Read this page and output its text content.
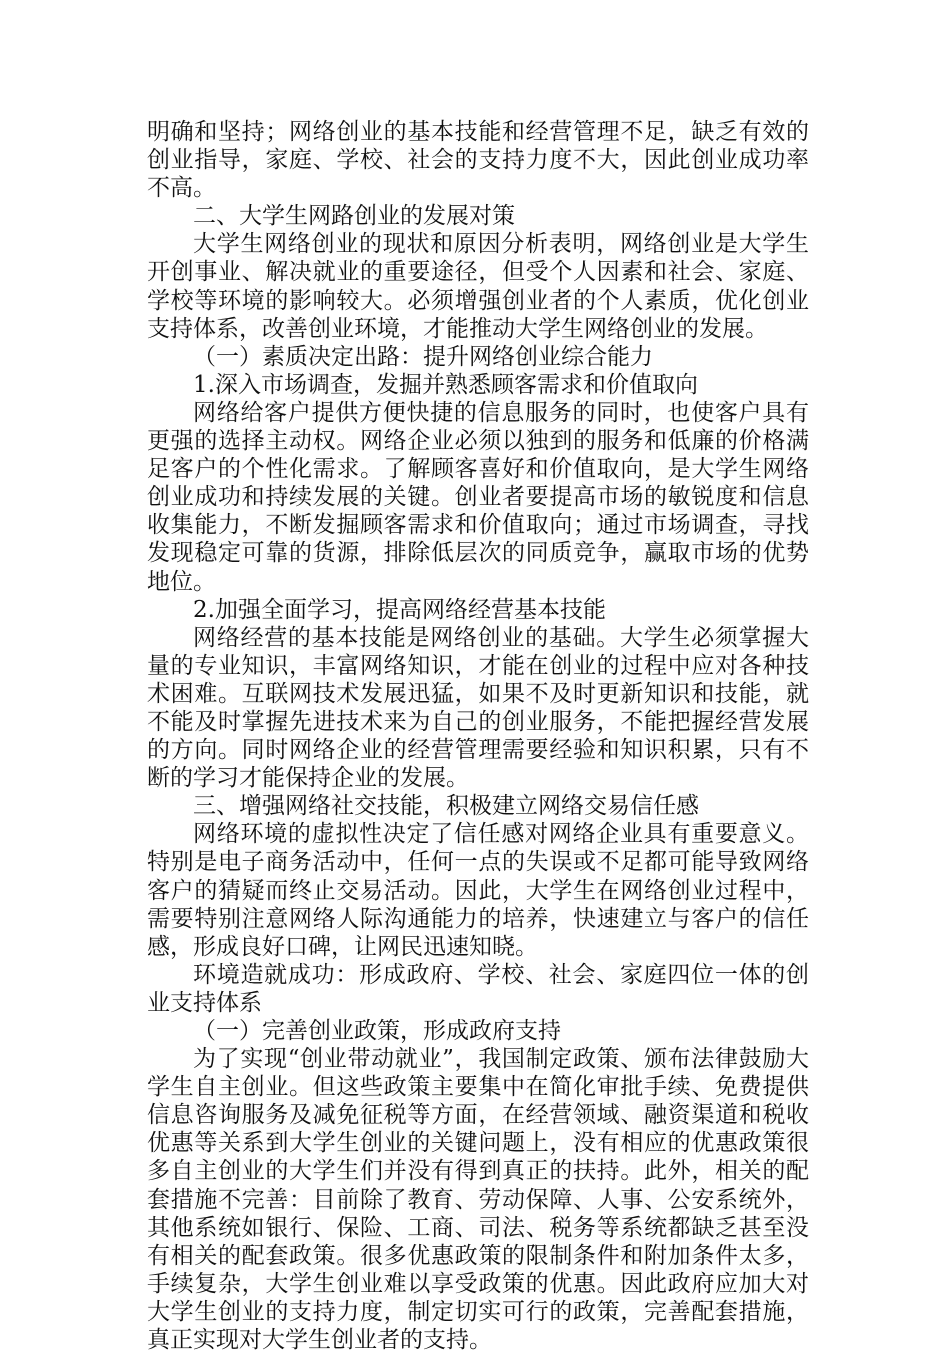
明确和坚持；网络创业的基本技能和经营管理不足，缺乏有效的创业指导，家庭、学校、社会的支持力度不大，因此创业成功率不高。

二、大学生网路创业的发展对策

大学生网络创业的现状和原因分析表明，网络创业是大学生开创事业、解决就业的重要途径，但受个人因素和社会、家庭、学校等环境的影响较大。必须增强创业者的个人素质，优化创业支持体系，改善创业环境，才能推动大学生网络创业的发展。

（一）素质决定出路：提升网络创业综合能力

1.深入市场调查，发掘并熟悉顾客需求和价值取向

网络给客户提供方便快捷的信息服务的同时，也使客户具有更强的选择主动权。网络企业必须以独到的服务和低廉的价格满足客户的个性化需求。了解顾客喜好和价值取向，是大学生网络创业成功和持续发展的关键。创业者要提高市场的敏锐度和信息收集能力，不断发掘顾客需求和价值取向；通过市场调查，寻找发现稳定可靠的货源，排除低层次的同质竞争，赢取市场的优势地位。

2.加强全面学习，提高网络经营基本技能

网络经营的基本技能是网络创业的基础。大学生必须掌握大量的专业知识，丰富网络知识，才能在创业的过程中应对各种技术困难。互联网技术发展迅猛，如果不及时更新知识和技能，就不能及时掌握先进技术来为自己的创业服务，不能把握经营发展的方向。同时网络企业的经营管理需要经验和知识积累，只有不断的学习才能保持企业的发展。

三、增强网络社交技能，积极建立网络交易信任感

网络环境的虚拟性决定了信任感对网络企业具有重要意义。特别是电子商务活动中，任何一点的失误或不足都可能导致网络客户的猜疑而终止交易活动。因此，大学生在网络创业过程中，需要特别注意网络人际沟通能力的培养，快速建立与客户的信任感，形成良好口碑，让网民迅速知晓。

环境造就成功：形成政府、学校、社会、家庭四位一体的创业支持体系

（一）完善创业政策，形成政府支持

为了实现“创业带动就业”，我国制定政策、颁布法律鼓励大学生自主创业。但这些政策主要集中在简化审批手续、免费提供信息咨询服务及减免征税等方面，在经营领域、融资渠道和税收优惠等关系到大学生创业的关键问题上，没有相应的优惠政策很多自主创业的大学生们并没有得到真正的扶持。此外，相关的配套措施不完善：目前除了教育、劳动保障、人事、公安系统外，其他系统如银行、保险、工商、司法、税务等系统都缺乏甚至没有相关的配套政策。很多优惠政策的限制条件和附加条件太多，手续复杂，大学生创业难以享受政策的优惠。因此政府应加大对大学生创业的支持力度，制定切实可行的政策，完善配套措施，真正实现对大学生创业者的支持。
